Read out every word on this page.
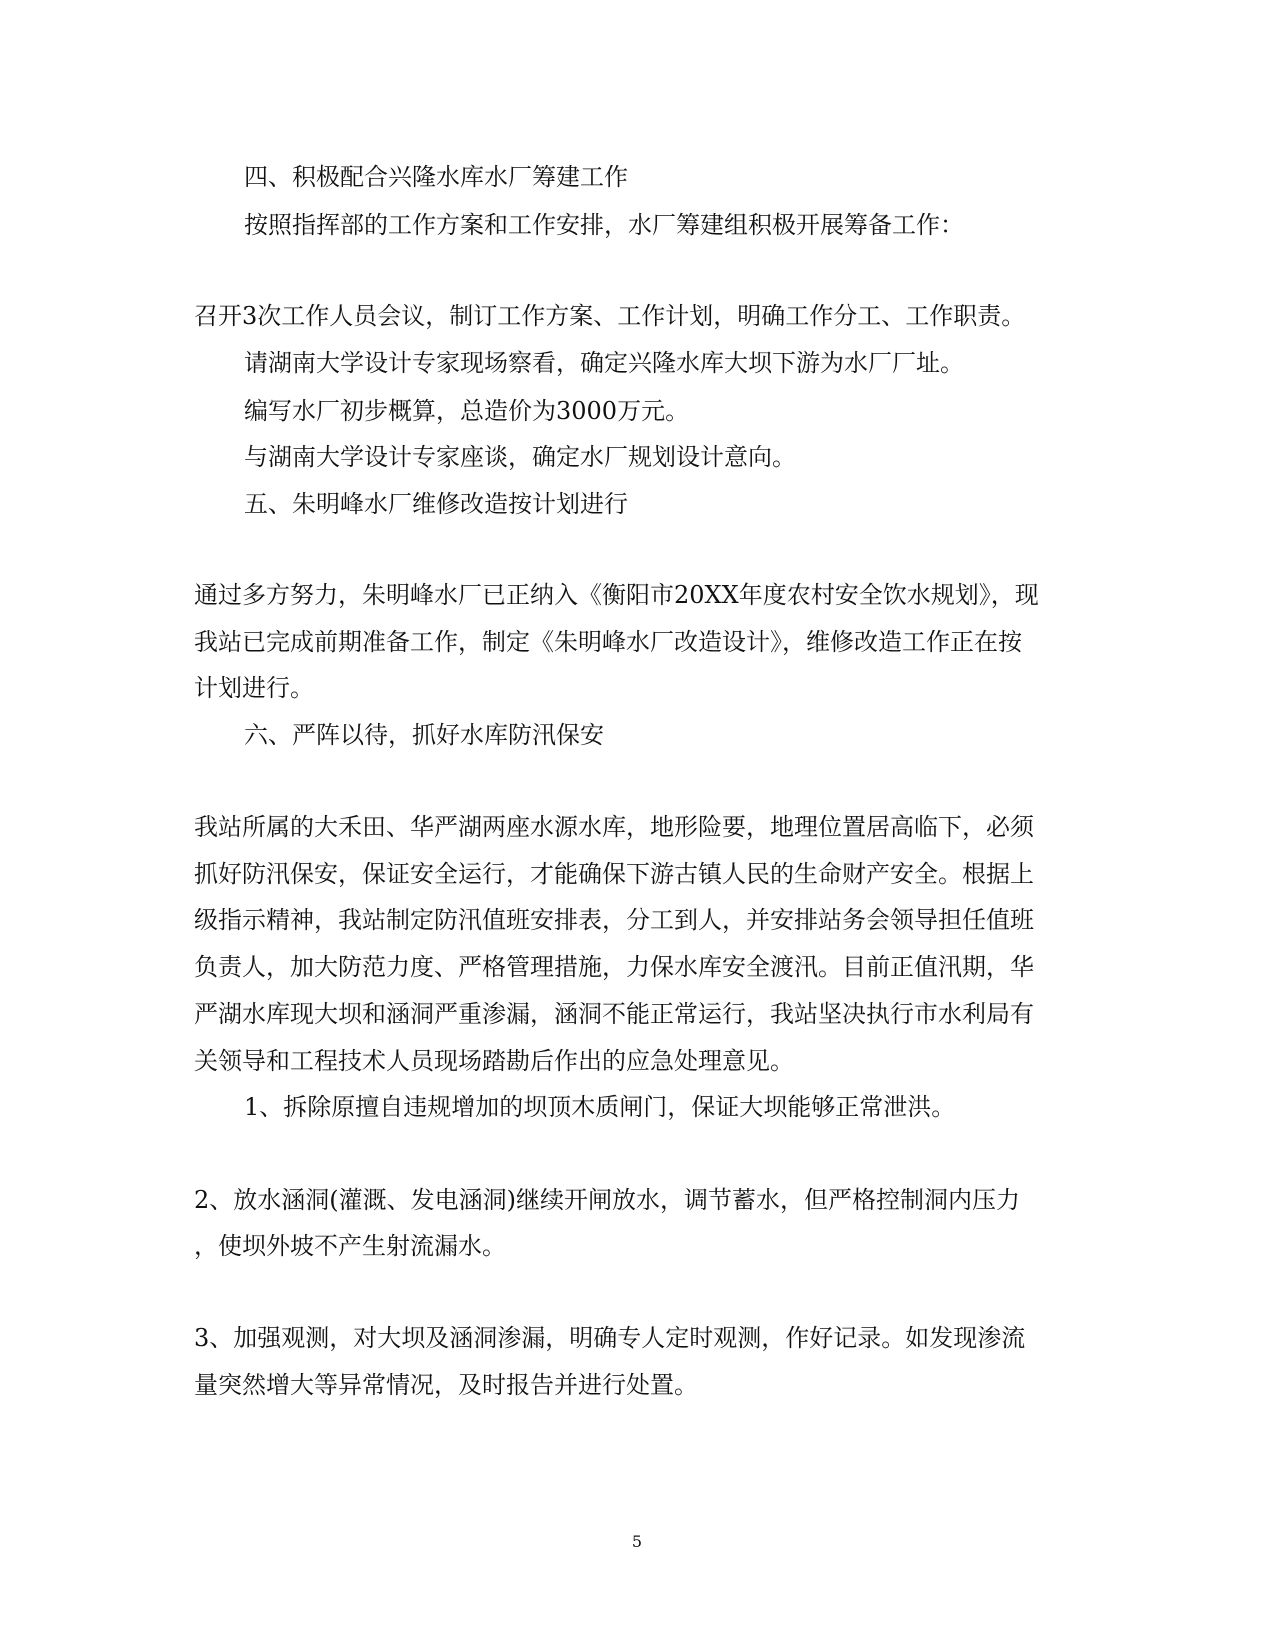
四、积极配合兴隆水库水厂筹建工作
按照指挥部的工作方案和工作安排，水厂筹建组积极开展筹备工作：
召开3次工作人员会议，制订工作方案、工作计划，明确工作分工、工作职责。
请湖南大学设计专家现场察看，确定兴隆水库大坝下游为水厂厂址。
编写水厂初步概算，总造价为3000万元。
与湖南大学设计专家座谈，确定水厂规划设计意向。
五、朱明峰水厂维修改造按计划进行
通过多方努力，朱明峰水厂已正纳入《衡阳市20XX年度农村安全饮水规划》，现
我站已完成前期准备工作，制定《朱明峰水厂改造设计》，维修改造工作正在按
计划进行。
六、严阵以待，抓好水库防汛保安
我站所属的大禾田、华严湖两座水源水库，地形险要，地理位置居高临下，必须
抓好防汛保安，保证安全运行，才能确保下游古镇人民的生命财产安全。根据上
级指示精神，我站制定防汛值班安排表，分工到人，并安排站务会领导担任值班
负责人，加大防范力度、严格管理措施，力保水库安全渡汛。目前正值汛期，华
严湖水库现大坝和涵洞严重渗漏，涵洞不能正常运行，我站坚决执行市水利局有
关领导和工程技术人员现场踏勘后作出的应急处理意见。
1、拆除原擅自违规增加的坝顶木质闸门，保证大坝能够正常泄洪。
2、放水涵洞(灌溉、发电涵洞)继续开闸放水，调节蓄水，但严格控制洞内压力
，使坝外坡不产生射流漏水。
3、加强观测，对大坝及涵洞渗漏，明确专人定时观测，作好记录。如发现渗流
量突然增大等异常情况，及时报告并进行处置。
5
